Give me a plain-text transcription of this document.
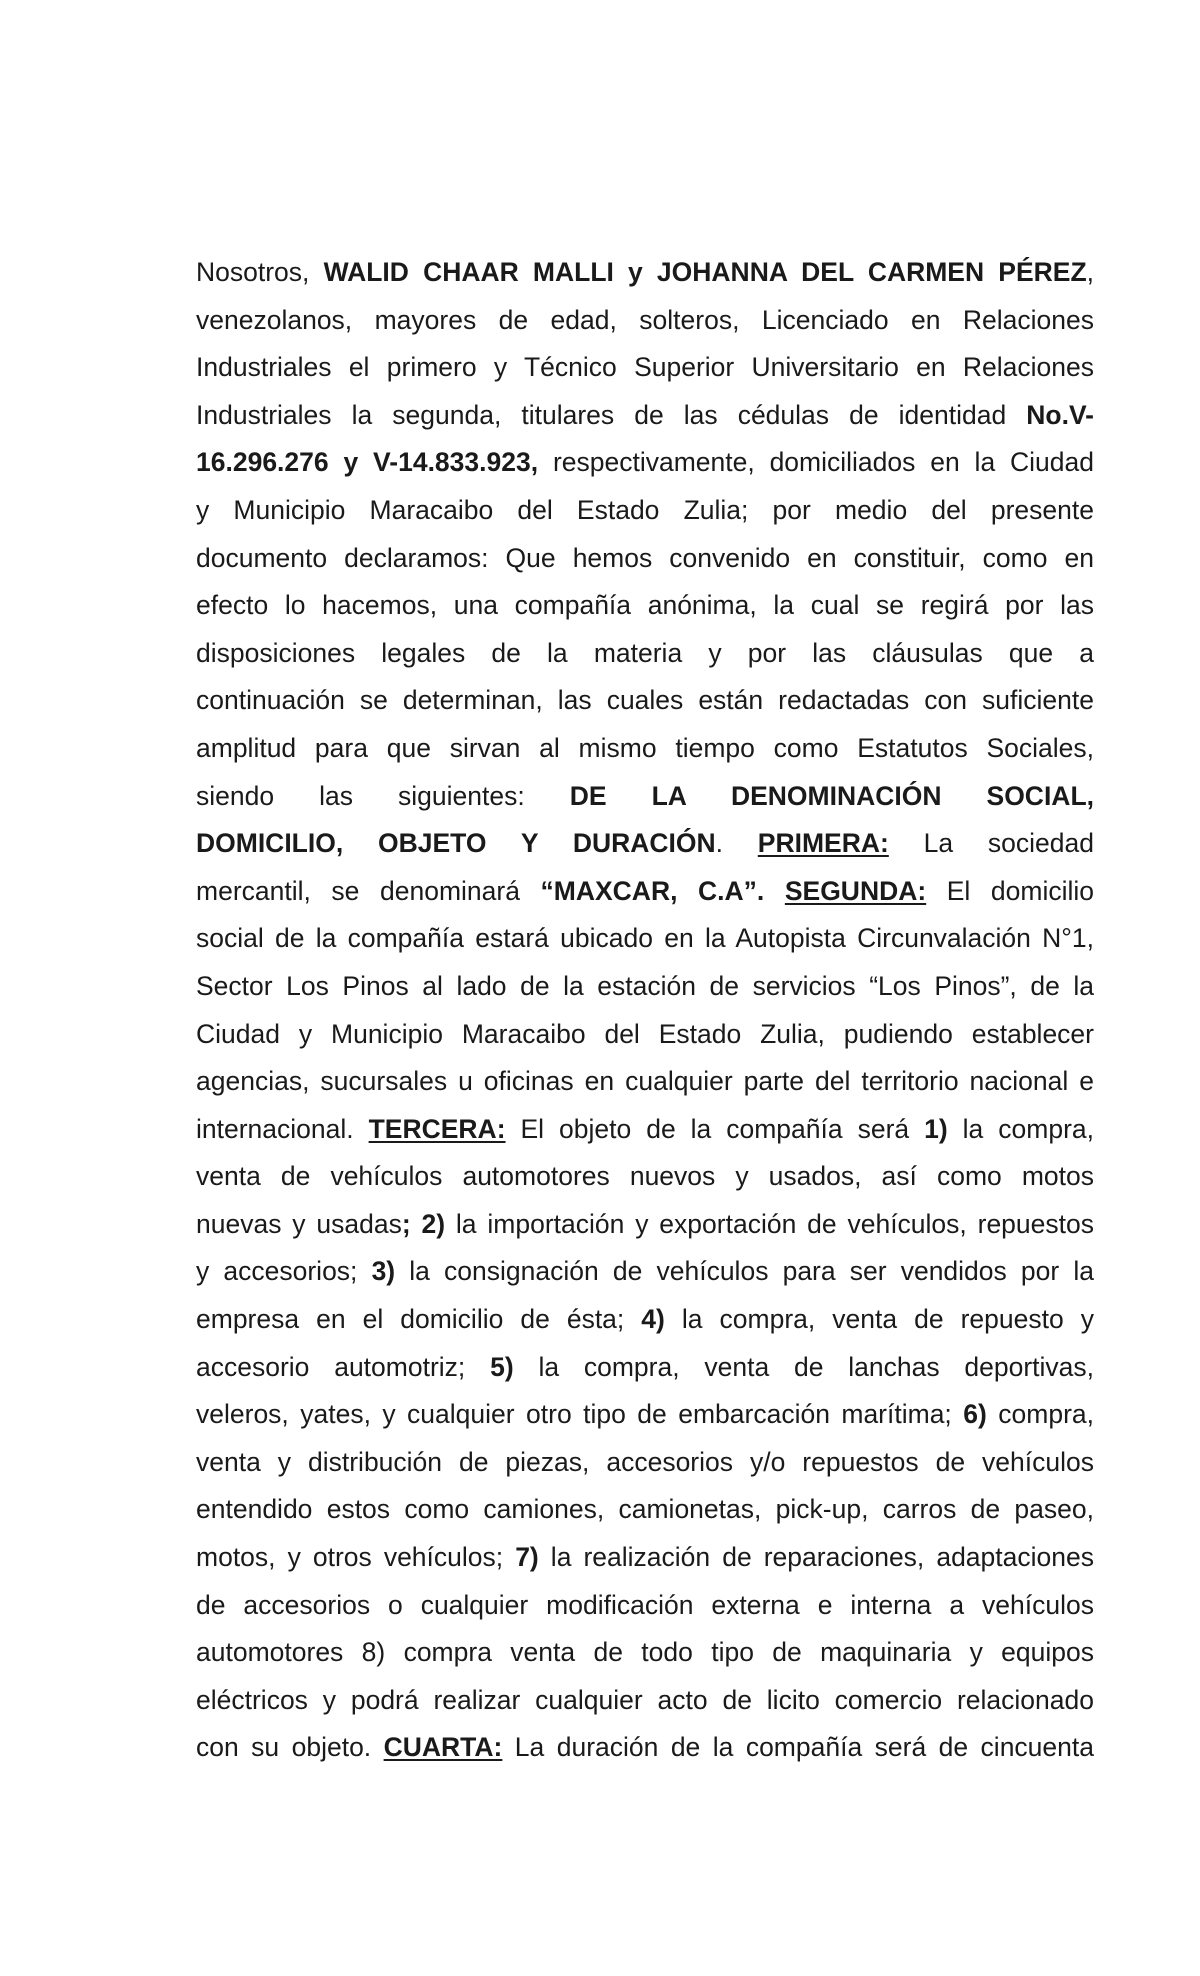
Nosotros, WALID CHAAR MALLI y JOHANNA DEL CARMEN PÉREZ,
venezolanos, mayores de edad, solteros, Licenciado en Relaciones
Industriales el primero y Técnico Superior Universitario en Relaciones
Industriales la segunda, titulares de las cédulas de identidad No.V-
16.296.276 y V-14.833.923, respectivamente, domiciliados en la Ciudad
y Municipio Maracaibo del Estado Zulia; por medio del presente
documento declaramos: Que hemos convenido en constituir, como en
efecto lo hacemos, una compañía anónima, la cual se regirá por las
disposiciones legales de la materia y por las cláusulas que a
continuación se determinan, las cuales están redactadas con suficiente
amplitud para que sirvan al mismo tiempo como Estatutos Sociales,
siendo las siguientes: DE LA DENOMINACIÓN SOCIAL,
DOMICILIO, OBJETO Y DURACIÓN. PRIMERA: La sociedad
mercantil, se denominará “MAXCAR, C.A”. SEGUNDA: El domicilio
social de la compañía estará ubicado en la Autopista Circunvalación N°1,
Sector Los Pinos al lado de la estación de servicios “Los Pinos”, de la
Ciudad y Municipio Maracaibo del Estado Zulia, pudiendo establecer
agencias, sucursales u oficinas en cualquier parte del territorio nacional e
internacional. TERCERA: El objeto de la compañía será 1) la compra,
venta de vehículos automotores nuevos y usados, así como motos
nuevas y usadas; 2) la importación y exportación de vehículos, repuestos
y accesorios; 3) la consignación de vehículos para ser vendidos por la
empresa en el domicilio de ésta; 4) la compra, venta de repuesto y
accesorio automotriz; 5) la compra, venta de lanchas deportivas,
veleros, yates, y cualquier otro tipo de embarcación marítima; 6) compra,
venta y distribución de piezas, accesorios y/o repuestos de vehículos
entendido estos como camiones, camionetas, pick-up, carros de paseo,
motos, y otros vehículos; 7) la realización de reparaciones, adaptaciones
de accesorios o cualquier modificación externa e interna a vehículos
automotores 8) compra venta de todo tipo de maquinaria y equipos
eléctricos y podrá realizar cualquier acto de licito comercio relacionado
con su objeto. CUARTA: La duración de la compañía será de cincuenta
